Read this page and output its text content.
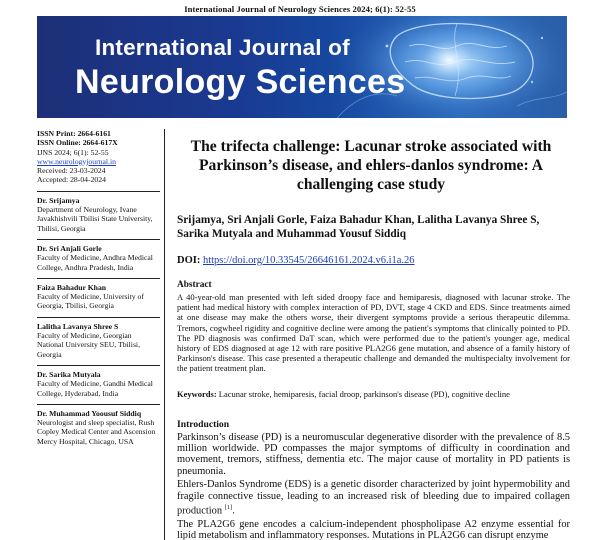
International Journal of Neurology Sciences 2024; 6(1): 52-55
International Journal of
Neurology Sciences
ISSN Print: 2664-6161
ISSN Online: 2664-617X
IJNS 2024; 6(1): 52-55
www.neurologyjournal.in
Received: 23-03-2024
Accepted: 28-04-2024
Dr. Srijamya
Department of Neurology, Ivane Javakhishvili Tbilisi State University, Tbilisi, Georgia
Dr. Sri Anjali Gorle
Faculty of Medicine, Andhra Medical College, Andhra Pradesh, India
Faiza Bahadur Khan
Faculty of Medicine, University of Georgia, Tbilisi, Georgia
Lalitha Lavanya Shree S
Faculty of Medicine, Georgian National University SEU, Tbilisi, Georgia
Dr. Sarika Mutyala
Faculty of Medicine, Gandhi Medical College, Hyderabad, India
Dr. Muhammad Yoousuf Siddiq
Neurologist and sleep specialist, Rush Copley Medical Center and Ascension Mercy Hospital, Chicago, USA
The trifecta challenge: Lacunar stroke associated with Parkinson’s disease, and ehlers-danlos syndrome: A challenging case study
Srijamya, Sri Anjali Gorle, Faiza Bahadur Khan, Lalitha Lavanya Shree S, Sarika Mutyala and Muhammad Yousuf Siddiq
DOI: https://doi.org/10.33545/26646161.2024.v6.i1a.26
Abstract
A 40-year-old man presented with left sided droopy face and hemiparesis, diagnosed with lacunar stroke. The patient had medical history with complex interaction of PD, DVT, stage 4 CKD and EDS. Since treatments aimed at one disease may make the others worse, their divergent symptoms provide a serious therapeutic dilemma. Tremors, cogwheel rigidity and cognitive decline were among the patient's symptoms that clinically pointed to PD. The PD diagnosis was confirmed DaT scan, which were performed due to the patient's younger age, medical history of EDS diagnosed at age 12 with rare positive PLA2G6 gene mutation, and absence of a family history of Parkinson's disease. This case presented a therapeutic challenge and demanded the multispecialty involvement for the patient treatment plan.
Keywords: Lacunar stroke, hemiparesis, facial droop, parkinson's disease (PD), cognitive decline
Introduction
Parkinson’s disease (PD) is a neuromuscular degenerative disorder with the prevalence of 8.5 million worldwide. PD compasses the major symptoms of difficulty in coordination and movement, tremors, stiffness, dementia etc. The major cause of mortality in PD patients is pneumonia.
Ehlers-Danlos Syndrome (EDS) is a genetic disorder characterized by joint hypermobility and fragile connective tissue, leading to an increased risk of bleeding due to impaired collagen production [1].
The PLA2G6 gene encodes a calcium-independent phospholipase A2 enzyme essential for lipid metabolism and inflammatory responses. Mutations in PLA2G6 can disrupt enzyme
